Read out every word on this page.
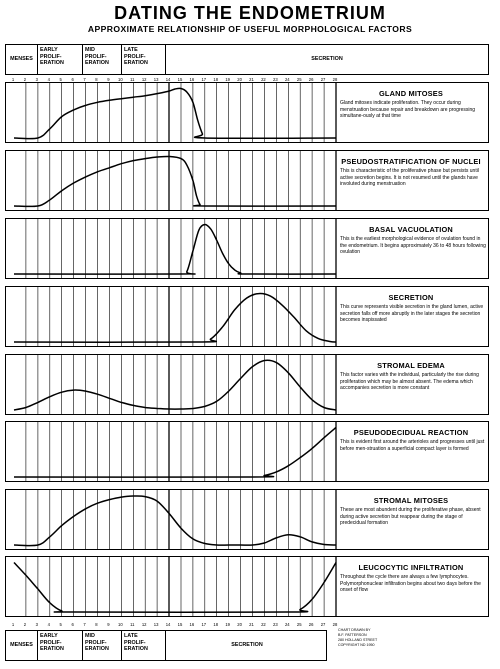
DATING THE ENDOMETRIUM
APPROXIMATE RELATIONSHIP OF USEFUL MORPHOLOGICAL FACTORS
MENSES
EARLY
PROLIF-
ERATION
MID
PROLIF-
ERATION
LATE
PROLIF-
ERATION
SECRETION
1 2 3 4 5 6 7 8 9 10 11 12 13 14 15 16 17 18 19 20 21 22 23 24 25 26 27 28
GLAND MITOSES
Gland mitoses indicate proliferation. They occur during menstruation because repair and breakdown are progressing simultane-ously at that time
PSEUDOSTRATIFICATION OF NUCLEI
This is characteristic of the proliferative phase but persists until active secretion begins. It is not resumed until the glands have involuted during menstruation
BASAL VACUOLATION
This is the earliest morphological evidence of ovulation found in the endometrium. It begins approximately 36 to 48 hours following ovulation
SECRETION
This curve represents visible secretion in the gland lumen, active secretion falls off more abruptly in the later stages the secretion becomes inspissated
STROMAL EDEMA
This factor varies with the individual, particularly the rise during proliferation which may be almost absent. The edema which accompanies secretion is more constant
PSEUDODECIDUAL REACTION
This is evident first around the arterioles and progresses until just before men-struation a superficial compact layer is formed
STROMAL MITOSES
These are most abundent during the proliferative phase, absent during active secretion but reappear during the stage of predecidual formation
LEUCOCYTIC INFILTRATION
Throughout the cycle there are always a few lymphocytes. Polymorphonuclear infiltration begins about two days before the onset of flow
MENSES
EARLY
PROLIF-
ERATION
MID
PROLIF-
ERATION
LATE
PROLIF-
ERATION
SECRETION
1 2 3 4 5 6 7 8 9 10 11 12 13 14 15 16 17 18 19 20 21 22 23 24 25 26 27 28
CHART DRAWN BY
B.F. PATTERSON
280 HOLLAND STREET
COPYRIGHT ND 1950
